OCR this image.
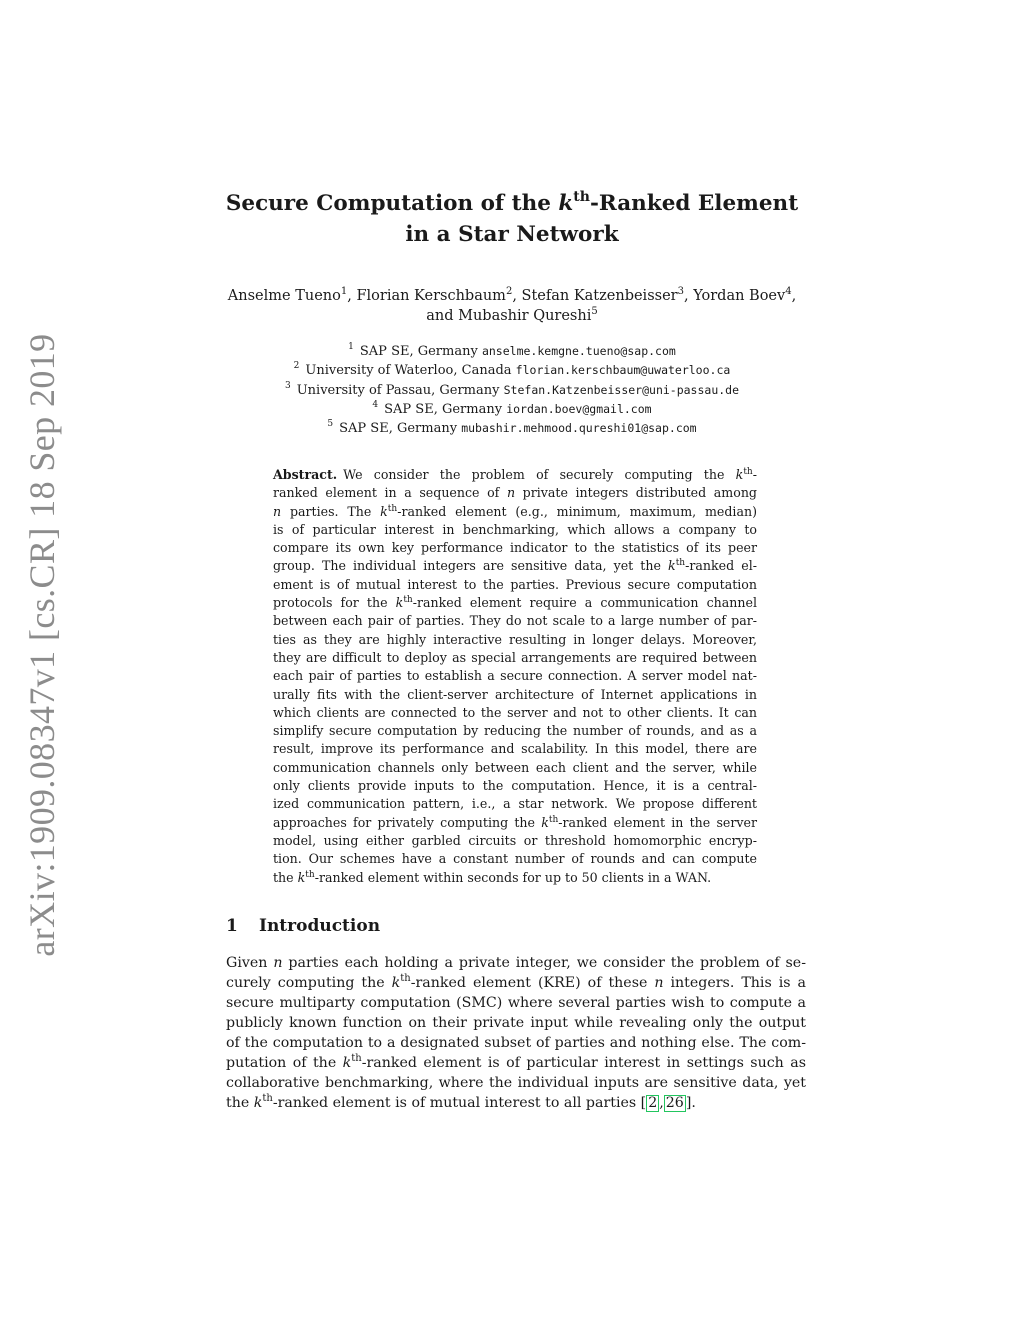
arXiv:1909.08347v1 [cs.CR] 18 Sep 2019
Secure Computation of the $k^{th}$-Ranked Element
in a Star Network
Anselme Tueno$^1$, Florian Kerschbaum$^2$, Stefan Katzenbeisser$^3$, Yordan Boev$^4$,
and Mubashir Qureshi$^5$
$^1$ SAP SE, Germany anselme.kemgne.tueno@sap.com
$^2$ University of Waterloo, Canada florian.kerschbaum@uwaterloo.ca
$^3$ University of Passau, Germany Stefan.Katzenbeisser@uni-passau.de
$^4$ SAP SE, Germany iordan.boev@gmail.com
$^5$ SAP SE, Germany mubashir.mehmood.qureshi01@sap.com
Abstract. We consider the problem of securely computing the $k^{th}-$
ranked element in a sequence of n private integers distributed among
n parties. The $k^{th}$-ranked element (e.g., minimum, maximum, median)
is of particular interest in benchmarking, which allows a company to
compare its own key performance indicator to the statistics of its peer
group. The individual integers are sensitive data, yet the $k^{th}$-ranked el-
ement is of mutual interest to the parties. Previous secure computation
protocols for the $k^{th}$-ranked element require a communication channel
between each pair of parties. They do not scale to a large number of par-
ties as they are highly interactive resulting in longer delays. Moreover,
they are difficult to deploy as special arrangements are required between
each pair of parties to establish a secure connection. A server model nat-
urally fits with the client-server architecture of Internet applications in
which clients are connected to the server and not to other clients. It can
simplify secure computation by reducing the number of rounds, and as a
result, improve its performance and scalability. In this model, there are
communication channels only between each client and the server, while
only clients provide inputs to the computation. Hence, it is a central-
ized communication pattern, i.e., a star network. We propose different
approaches for privately computing the $k^{th}$-ranked element in the server
model, using either garbled circuits or threshold homomorphic encryp-
tion. Our schemes have a constant number of rounds and can compute
the $k^{th}$-ranked element within seconds for up to 50 clients in a WAN.
1 Introduction
Given n parties each holding a private integer, we consider the problem of se-
curely computing the $k^{th}$-ranked element (KRE) of these n integers. This is a
secure multiparty computation (SMC) where several parties wish to compute a
publicly known function on their private input while revealing only the output
of the computation to a designated subset of parties and nothing else. The com-
putation of the $k^{th}$-ranked element is of particular interest in settings such as
collaborative benchmarking, where the individual inputs are sensitive data, yet
the $k^{th}$-ranked element is of mutual interest to all parties [ 2 , 26 ].
